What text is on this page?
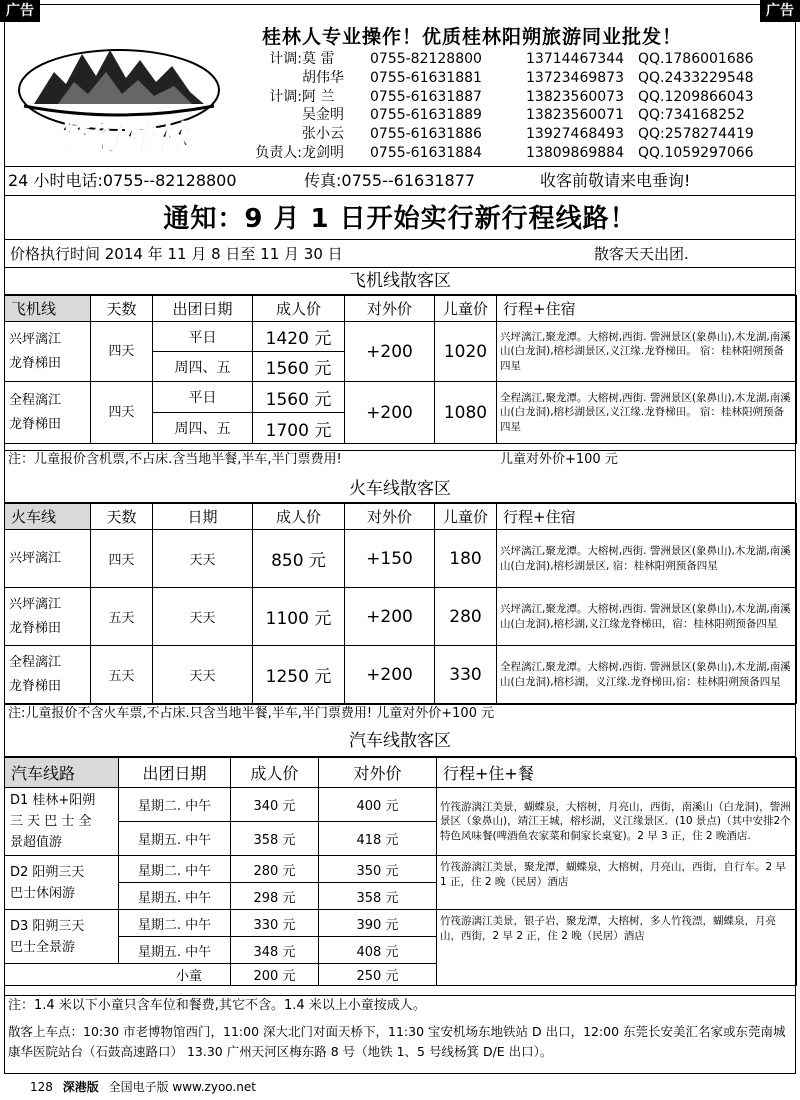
广告	广告
梦幻桂林
桂林人专业操作！优质桂林阳朔旅游同业批发！
计调: 莫 雷	0755-82128800	13714467344 QQ.1786001686
胡伟华 0755-61631881	13723469873 QQ.2433229548
计调: 阿 兰	0755-61631887	13823560073 QQ.1209866043
吴金明 0755-61631889	13823560071 QQ:734168252
张小云 0755-61631886	13927468493 QQ:2578274419
负责人: 龙剑明 0755-61631884	13809869884 QQ.1059297066
24 小时电话:0755--82128800	传真:0755--61631877	收客前敬请来电垂询!
通知：9 月 1 日开始实行新行程线路！
价格执行时间 2014 年 11 月 8 日至 11 月 30 日	散客天天出团.
飞机线散客区
飞机线	天数	出团日期	成人价	对外价	儿童价	行程+住宿

兴坪漓江
龙脊梯田	四天	平日	1420 元	+200	1020	兴坪漓江,聚龙潭。大榕树,西街. 訾洲景区(象鼻山),木龙湖,南溪山(白龙洞),榕杉湖景区,义江缘.龙脊梯田。 宿：桂林阳朔预备四星
		周四、五	1560 元			

全程漓江
龙脊梯田	四天	平日	1560 元	+200	1080	全程漓江,聚龙潭。大榕树,西街. 訾洲景区(象鼻山),木龙湖,南溪山(白龙洞),榕杉湖景区,义江缘.龙脊梯田。 宿：桂林阳朔预备四星
		周四、五	1700 元			
注：儿童报价含机票,不占床.含当地半餐,半车,半门票费用!	儿童对外价+100 元
火车线散客区
火车线	天数	日期	成人价	对外价	儿童价	行程+住宿

兴坪漓江	四天	天天	850 元	+150	180	兴坪漓江,聚龙潭。大榕树,西街. 訾洲景区(象鼻山),木龙湖,南溪山(白龙洞),榕杉湖景区, 宿：桂林阳朔预备四星

兴坪漓江
龙脊梯田	五天	天天	1100 元	+200	280	兴坪漓江,聚龙潭。大榕树,西街. 訾洲景区(象鼻山),木龙湖,南溪山(白龙洞),榕杉湖,义江缘龙脊梯田，宿：桂林阳朔预备四星

全程漓江
龙脊梯田	五天	天天	1250 元	+200	330	全程漓江,聚龙潭。大榕树,西街. 訾洲景区(象鼻山),木龙湖,南溪山(白龙洞),榕杉湖，义江缘.龙脊梯田,宿：桂林阳朔预备四星
注:儿童报价不含火车票,不占床.只含当地半餐,半车,半门票费用! 儿童对外价+100 元
汽车线散客区
汽车线路	出团日期	成人价	对外价	行程+住+餐

D1 桂林+阳朔
三 天 巴 士 全
景超值游	星期二. 中午	340 元	400 元	竹筏游漓江美景，蝴蝶泉，大榕树，月亮山，西街，南溪山（白龙洞)，訾洲景区（象鼻山)，靖江王城，榕杉湖，义江缘景区．(10 景点)（其中安排2个特色风味餐(啤酒鱼农家菜和侗家长桌宴)。2 早 3 正，住 2 晚酒店.
	星期五. 中午	358 元	418 元	

D2 阳朔三天
巴士休闲游	星期二. 中午	280 元	350 元	竹筏游漓江美景，聚龙潭，蝴蝶泉，大榕树，月亮山，西街，自行车。2 早 1 正，住 2 晚（民居）酒店
	星期五. 中午	298 元	358 元	

D3 阳朔三天
巴士全景游	星期二. 中午	330 元	390 元	竹筏游漓江美景，银子岩，聚龙潭，大榕树，多人竹筏漂，蝴蝶泉，月亮山，西街，2 早 2 正，住 2 晚（民居）酒店
	星期五. 中午	348 元	408 元	
小童		200 元	250 元	
注：1.4 米以下小童只含车位和餐费,其它不含。1.4 米以上小童按成人。
散客上车点：10:30 市老博物馆西门，11:00 深大北门对面天桥下，11:30 宝安机场东地铁站 D 出口，12:00 东莞长安美汇名家或东莞南城康华医院站台（石鼓高速路口） 13.30 广州天河区梅东路 8 号（地铁 1、5 号线杨箕 D/E 出口）。
128 深港版 全国电子版 www.zyoo.net
